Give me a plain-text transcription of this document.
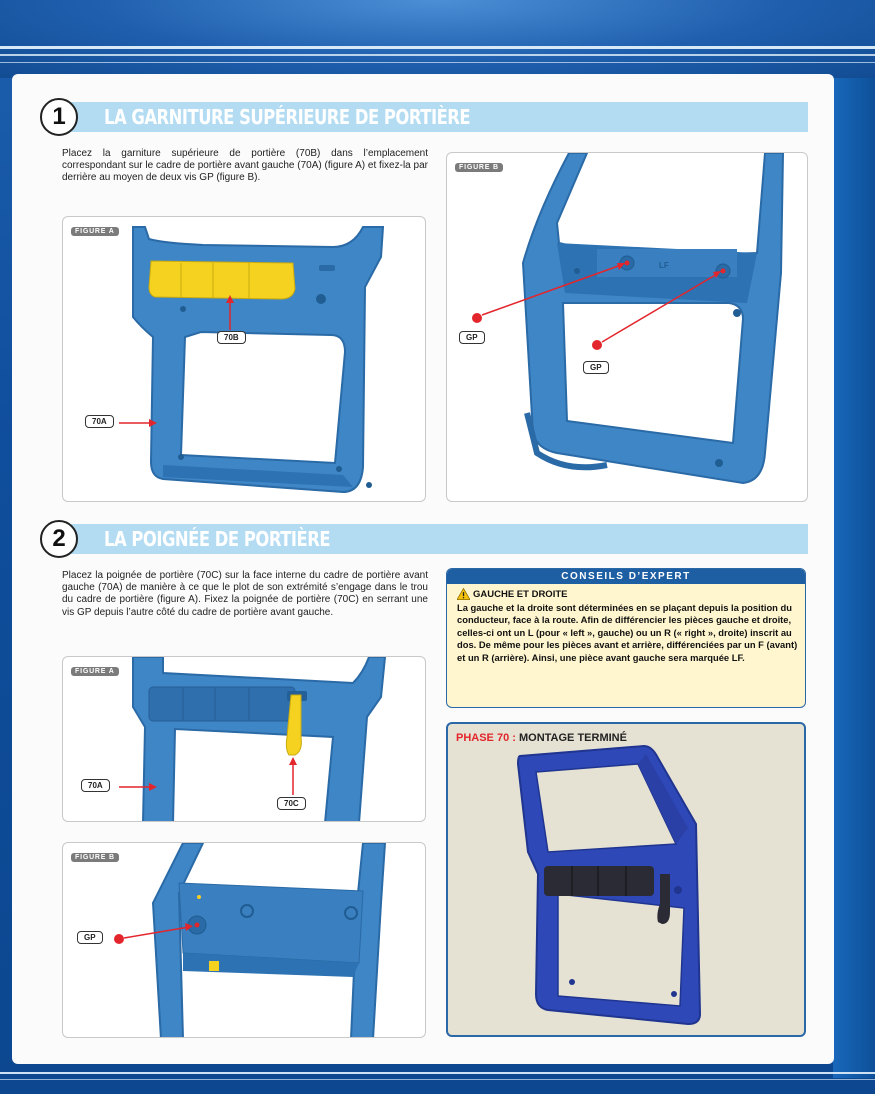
1	LA GARNITURE SUPÉRIEURE DE PORTIÈRE
Placez la garniture supérieure de portière (70B) dans l’emplacement correspondant sur le cadre de portière avant gauche (70A) (figure A) et fixez-la par derrière au moyen de deux vis GP (figure B).
FIGURE A
70B
70A
FIGURE B
LF
GP
GP
2	LA POIGNÉE DE PORTIÈRE
Placez la poignée de portière (70C) sur la face interne du cadre de portière avant gauche (70A) de manière à ce que le plot de son extrémité s’engage dans le trou du cadre de portière (figure A). Fixez la poignée de portière (70C) en serrant une vis GP depuis l’autre côté du cadre de portière avant gauche.
FIGURE A
70A
70C
FIGURE B
GP
CONSEILS D’EXPERT
GAUCHE ET DROITE
La gauche et la droite sont déterminées en se plaçant depuis la position du conducteur, face à la route. Afin de différencier les pièces gauche et droite, celles-ci ont un L (pour « left », gauche) ou un R (« right », droite) inscrit au dos. De même pour les pièces avant et arrière, différenciées par un F (avant) et un R (arrière). Ainsi, une pièce avant gauche sera marquée LF.
PHASE 70 : MONTAGE TERMINÉ
